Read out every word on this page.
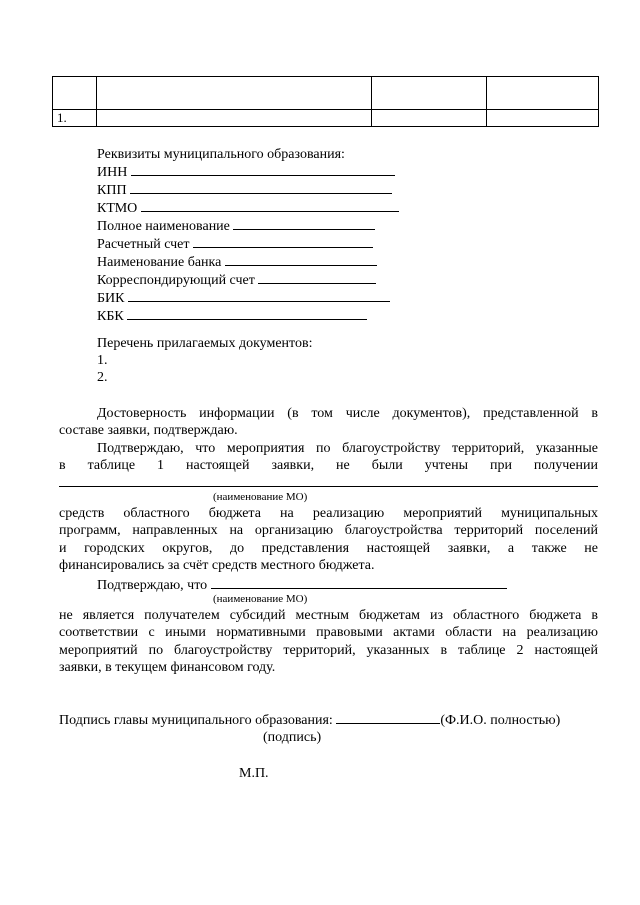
1.			
Реквизиты муниципального образования:
ИНН
КПП
КТМО
Полное наименование
Расчетный счет
Наименование банка
Корреспондирующий счет
БИК
КБК
Перечень прилагаемых документов:
1.
2.
Достоверность информации (в том числе документов), представленной в
составе заявки, подтверждаю.
Подтверждаю, что мероприятия по благоустройству территорий, указанные
в таблице 1 настоящей заявки, не были учтены при получении
(наименование МО)
средств областного бюджета на реализацию мероприятий муниципальных
программ, направленных на организацию благоустройства территорий поселений
и городских округов, до представления настоящей заявки, а также не
финансировались за счёт средств местного бюджета.
Подтверждаю, что
(наименование МО)
не является получателем субсидий местным бюджетам из областного бюджета в
соответствии с иными нормативными правовыми актами области на реализацию
мероприятий по благоустройству территорий, указанных в таблице 2 настоящей
заявки, в текущем финансовом году.
Подпись главы муниципального образования:	(Ф.И.О. полностью)
(подпись)
М.П.
